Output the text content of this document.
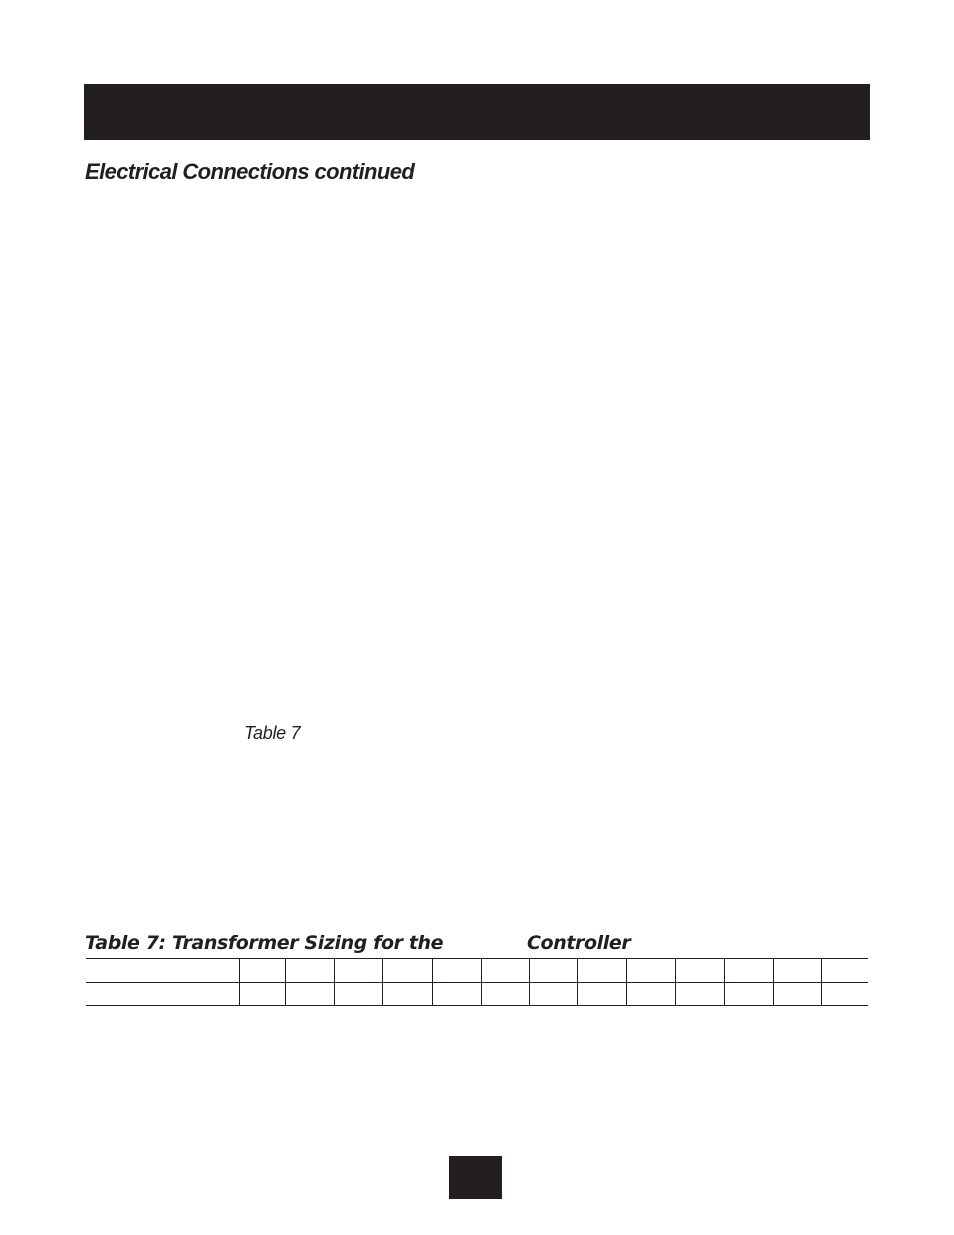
Electrical Connections continued
Table 7
Table 7: Transformer Sizing for the	Controller
